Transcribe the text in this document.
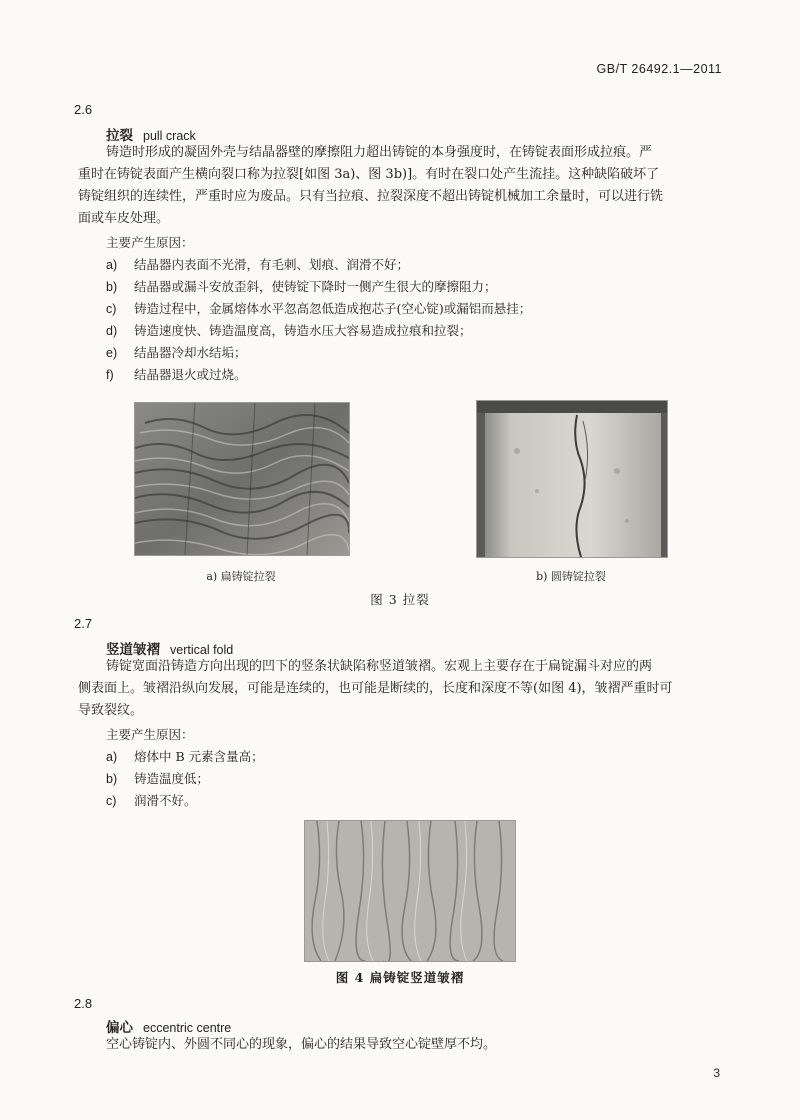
GB/T 26492.1—2011
2.6
拉裂 pull crack
铸造时形成的凝固外壳与结晶器壁的摩擦阻力超出铸锭的本身强度时，在铸锭表面形成拉痕。严
重时在铸锭表面产生横向裂口称为拉裂[如图 3a)、图 3b)]。有时在裂口处产生流挂。这种缺陷破坏了
铸锭组织的连续性，严重时应为废品。只有当拉痕、拉裂深度不超出铸锭机械加工余量时，可以进行铣
面或车皮处理。
主要产生原因：
a) 结晶器内表面不光滑，有毛刺、划痕、润滑不好；
b) 结晶器或漏斗安放歪斜，使铸锭下降时一侧产生很大的摩擦阻力；
c) 铸造过程中，金属熔体水平忽高忽低造成抱芯子(空心锭)或漏铝而悬挂；
d) 铸造速度快、铸造温度高，铸造水压大容易造成拉痕和拉裂；
e) 结晶器冷却水结垢；
f) 结晶器退火或过烧。
a) 扁铸锭拉裂	b) 圆铸锭拉裂
图 3 拉裂
2.7
竖道皱褶 vertical fold
铸锭宽面沿铸造方向出现的凹下的竖条状缺陷称竖道皱褶。宏观上主要存在于扁锭漏斗对应的两
侧表面上。皱褶沿纵向发展，可能是连续的，也可能是断续的，长度和深度不等(如图 4)，皱褶严重时可
导致裂纹。
主要产生原因：
a) 熔体中 B 元素含量高；
b) 铸造温度低；
c) 润滑不好。
图 4 扁铸锭竖道皱褶
2.8
偏心 eccentric centre
空心铸锭内、外圆不同心的现象，偏心的结果导致空心锭壁厚不均。
3
